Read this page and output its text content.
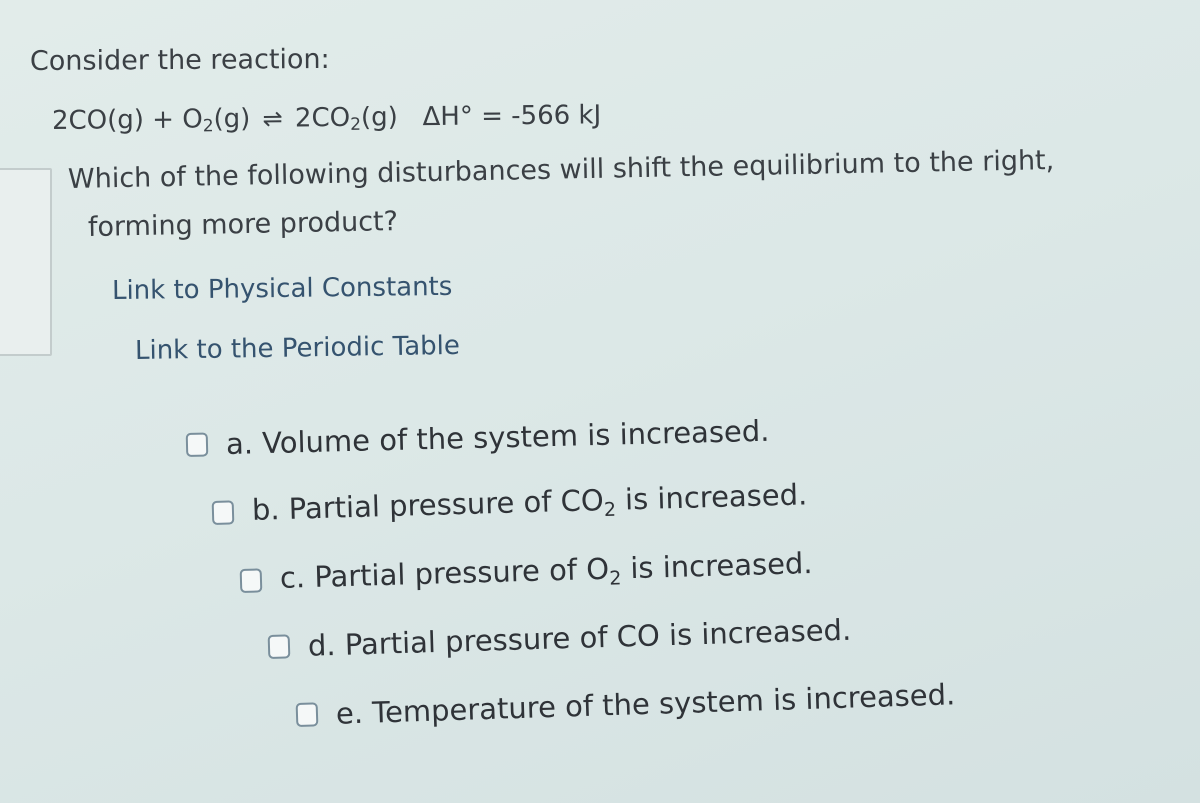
Consider the reaction:
$2CO(g) + O_2(g)$ ⇌ $2CO_2(g) \Delta H^\circ = -566$ kJ
Which of the following disturbances will shift the equilibrium to the right,
forming more product?
Link to Physical Constants
Link to the Periodic Table
a. Volume of the system is increased.
b. Partial pressure of $CO_2$ is increased.
c. Partial pressure of $O_2$ is increased.
d. Partial pressure of CO is increased.
e. Temperature of the system is increased.
